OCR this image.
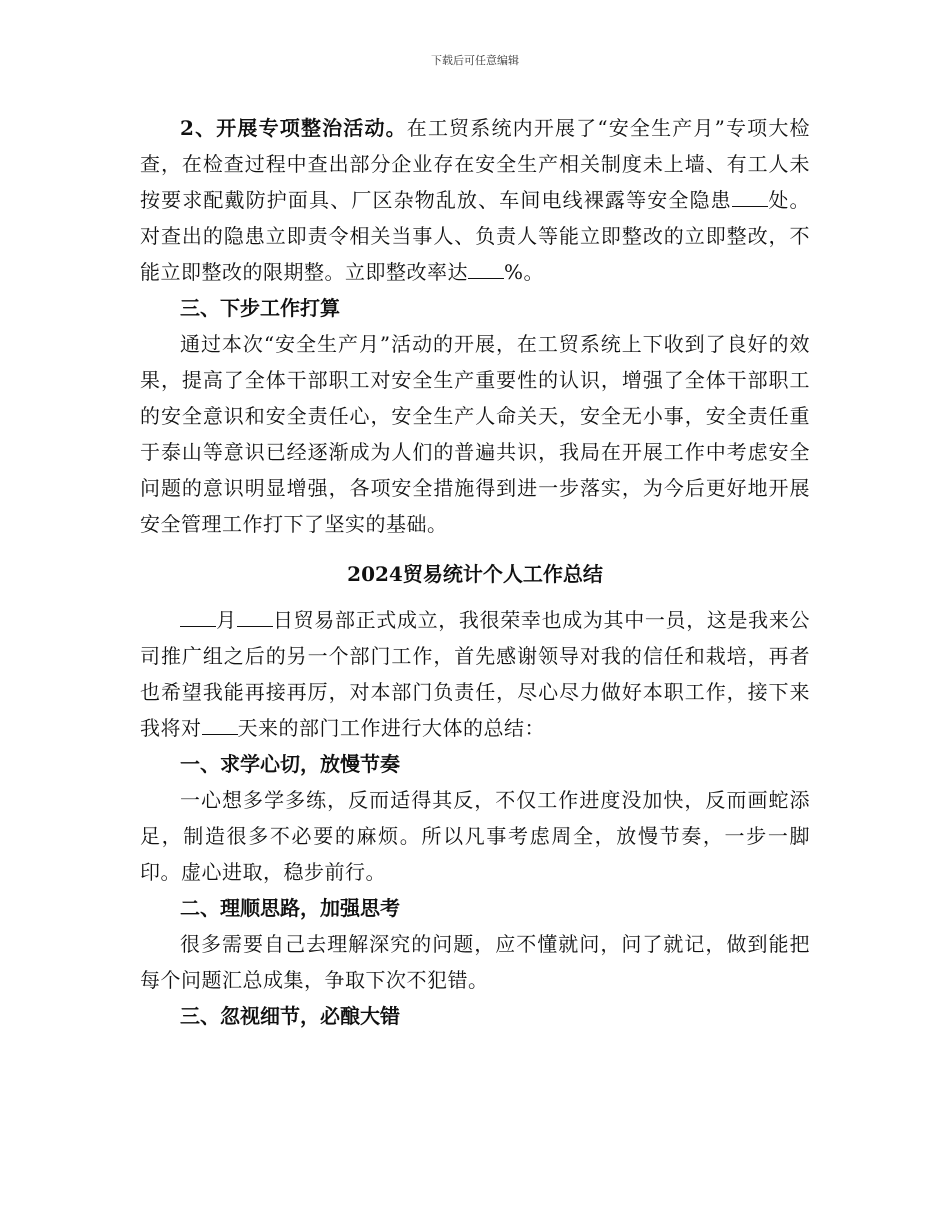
下载后可任意编辑

2、开展专项整治活动。在工贸系统内开展了“安全生产月”专项大检查，在检查过程中查出部分企业存在安全生产相关制度未上墙、有工人未按要求配戴防护面具、厂区杂物乱放、车间电线裸露等安全隐患 处。对查出的隐患立即责令相关当事人、负责人等能立即整改的立即整改，不能立即整改的限期整。立即整改率达 %。

三、下步工作打算

通过本次“安全生产月”活动的开展，在工贸系统上下收到了良好的效果，提高了全体干部职工对安全生产重要性的认识，增强了全体干部职工的安全意识和安全责任心，安全生产人命关天，安全无小事，安全责任重于泰山等意识已经逐渐成为人们的普遍共识，我局在开展工作中考虑安全问题的意识明显增强，各项安全措施得到进一步落实，为今后更好地开展安全管理工作打下了坚实的基础。

2024贸易统计个人工作总结

月 日贸易部正式成立，我很荣幸也成为其中一员，这是我来公司推广组之后的另一个部门工作，首先感谢领导对我的信任和栽培，再者也希望我能再接再厉，对本部门负责任，尽心尽力做好本职工作，接下来我将对 天来的部门工作进行大体的总结：

一、求学心切，放慢节奏

一心想多学多练，反而适得其反，不仅工作进度没加快，反而画蛇添足，制造很多不必要的麻烦。所以凡事考虑周全，放慢节奏，一步一脚印。虚心进取，稳步前行。

二、理顺思路，加强思考

很多需要自己去理解深究的问题，应不懂就问，问了就记，做到能把每个问题汇总成集，争取下次不犯错。

三、忽视细节，必酿大错
